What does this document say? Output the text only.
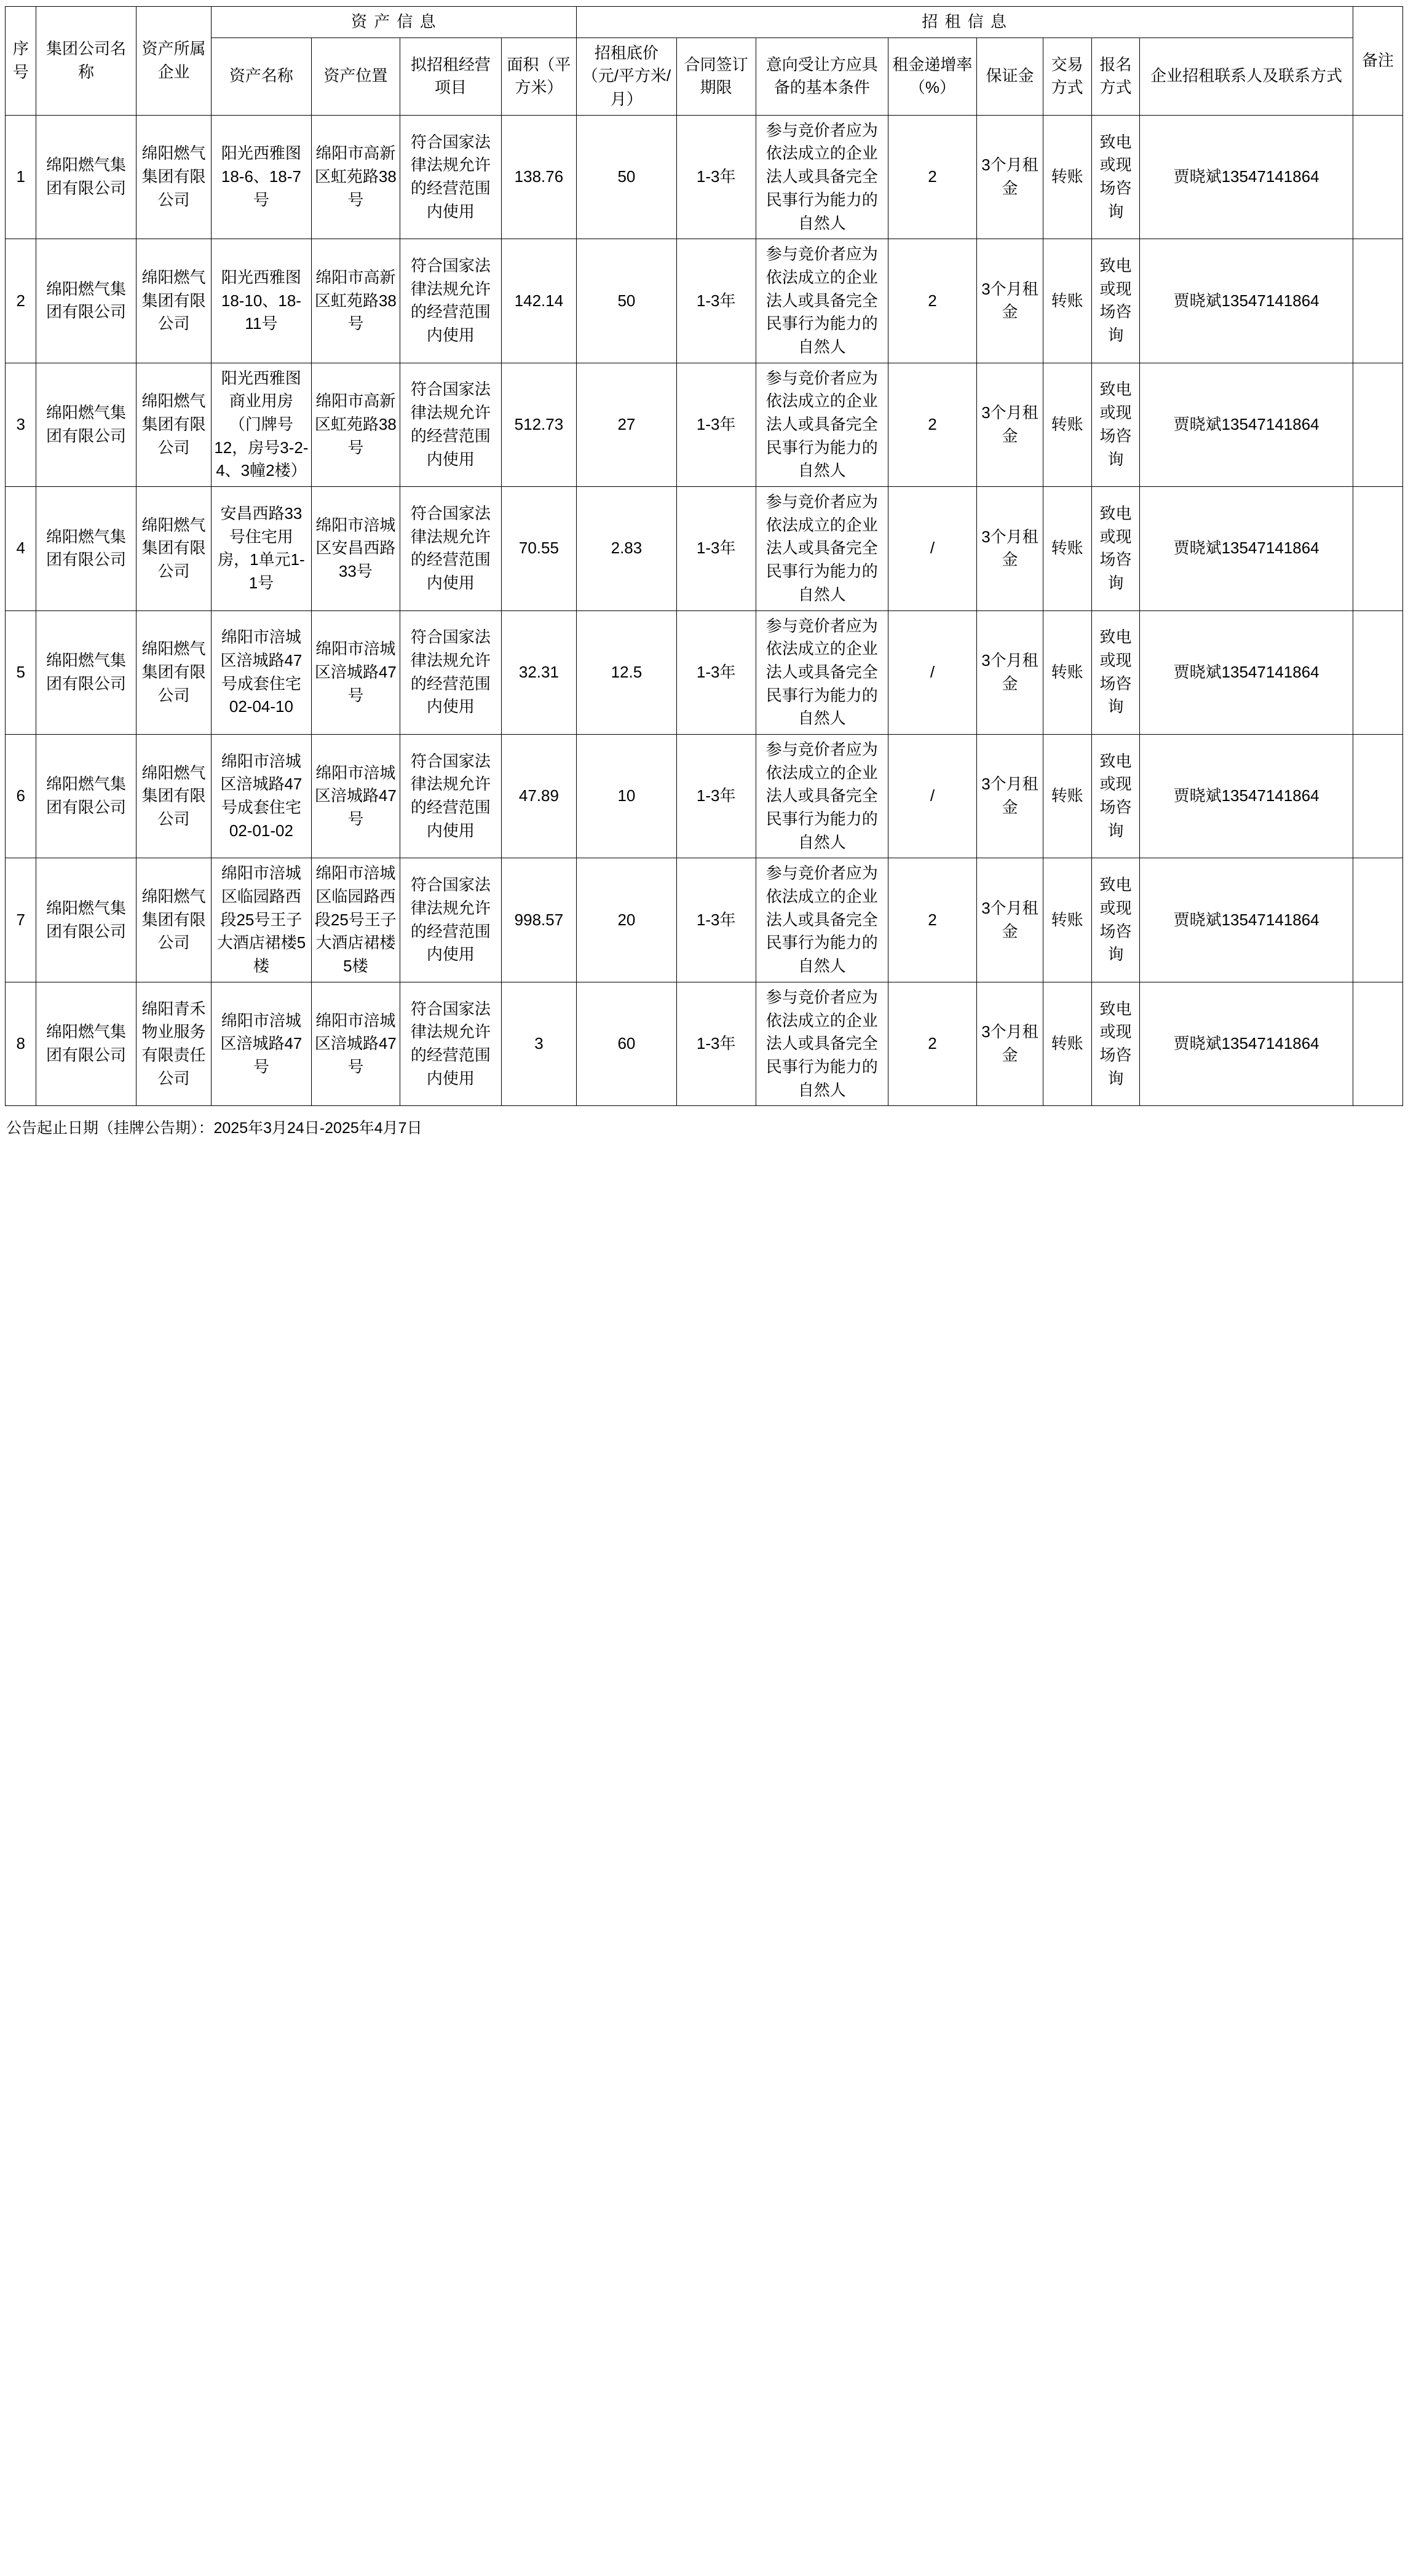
序号	集团公司名称	资产所属企业	资 产 信 息				招 租 信 息								备注
			资产名称	资产位置	拟招租经营项目	面积（平方米）	招租底价（元/平方米/月）	合同签订期限	意向受让方应具备的基本条件	租金递增率（%）	保证金	交易方式	报名方式	企业招租联系人及联系方式	
1	绵阳燃气集团有限公司	绵阳燃气集团有限公司	阳光西雅图18-6、18-7号	绵阳市高新区虹苑路38号	符合国家法律法规允许的经营范围内使用	138.76	50	1-3年	参与竞价者应为依法成立的企业法人或具备完全民事行为能力的自然人	2	3个月租金	转账	致电或现场咨询	贾晓斌13547141864	
2	绵阳燃气集团有限公司	绵阳燃气集团有限公司	阳光西雅图18-10、18-11号	绵阳市高新区虹苑路38号	符合国家法律法规允许的经营范围内使用	142.14	50	1-3年	参与竞价者应为依法成立的企业法人或具备完全民事行为能力的自然人	2	3个月租金	转账	致电或现场咨询	贾晓斌13547141864	
3	绵阳燃气集团有限公司	绵阳燃气集团有限公司	阳光西雅图商业用房（门牌号12，房号3-2-4、3幢2楼）	绵阳市高新区虹苑路38号	符合国家法律法规允许的经营范围内使用	512.73	27	1-3年	参与竞价者应为依法成立的企业法人或具备完全民事行为能力的自然人	2	3个月租金	转账	致电或现场咨询	贾晓斌13547141864	
4	绵阳燃气集团有限公司	绵阳燃气集团有限公司	安昌西路33号住宅用房，1单元1-1号	绵阳市涪城区安昌西路33号	符合国家法律法规允许的经营范围内使用	70.55	2.83	1-3年	参与竞价者应为依法成立的企业法人或具备完全民事行为能力的自然人	/	3个月租金	转账	致电或现场咨询	贾晓斌13547141864	
5	绵阳燃气集团有限公司	绵阳燃气集团有限公司	绵阳市涪城区涪城路47号成套住宅02-04-10	绵阳市涪城区涪城路47号	符合国家法律法规允许的经营范围内使用	32.31	12.5	1-3年	参与竞价者应为依法成立的企业法人或具备完全民事行为能力的自然人	/	3个月租金	转账	致电或现场咨询	贾晓斌13547141864	
6	绵阳燃气集团有限公司	绵阳燃气集团有限公司	绵阳市涪城区涪城路47号成套住宅02-01-02	绵阳市涪城区涪城路47号	符合国家法律法规允许的经营范围内使用	47.89	10	1-3年	参与竞价者应为依法成立的企业法人或具备完全民事行为能力的自然人	/	3个月租金	转账	致电或现场咨询	贾晓斌13547141864	
7	绵阳燃气集团有限公司	绵阳燃气集团有限公司	绵阳市涪城区临园路西段25号王子大酒店裙楼5楼	绵阳市涪城区临园路西段25号王子大酒店裙楼5楼	符合国家法律法规允许的经营范围内使用	998.57	20	1-3年	参与竞价者应为依法成立的企业法人或具备完全民事行为能力的自然人	2	3个月租金	转账	致电或现场咨询	贾晓斌13547141864	
8	绵阳燃气集团有限公司	绵阳青禾物业服务有限责任公司	绵阳市涪城区涪城路47号	绵阳市涪城区涪城路47号	符合国家法律法规允许的经营范围内使用	3	60	1-3年	参与竞价者应为依法成立的企业法人或具备完全民事行为能力的自然人	2	3个月租金	转账	致电或现场咨询	贾晓斌13547141864	
公告起止日期（挂牌公告期）：2025年3月24日-2025年4月7日
